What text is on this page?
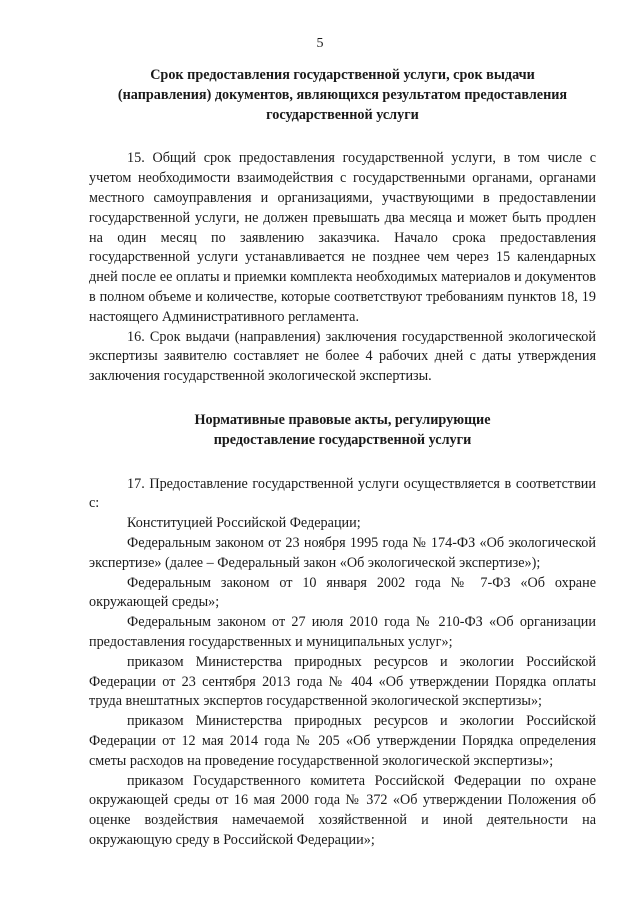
5
Срок предоставления государственной услуги, срок выдачи
(направления) документов, являющихся результатом предоставления
государственной услуги

15. Общий срок предоставления государственной услуги, в том числе с учетом необходимости взаимодействия с государственными органами, органами местного самоуправления и организациями, участвующими в предоставлении государственной услуги, не должен превышать два месяца и может быть продлен на один месяц по заявлению заказчика. Начало срока предоставления государственной услуги устанавливается не позднее чем через 15 календарных дней после ее оплаты и приемки комплекта необходимых материалов и документов в полном объеме и количестве, которые соответствуют требованиям пунктов 18, 19 настоящего Административного регламента.

16. Срок выдачи (направления) заключения государственной экологической экспертизы заявителю составляет не более 4 рабочих дней с даты утверждения заключения государственной экологической экспертизы.

Нормативные правовые акты, регулирующие
предоставление государственной услуги

17. Предоставление государственной услуги осуществляется в соответствии с:

Конституцией Российской Федерации;

Федеральным законом от 23 ноября 1995 года № 174-ФЗ «Об экологической экспертизе» (далее – Федеральный закон «Об экологической экспертизе»);

Федеральным законом от 10 января 2002 года № 7-ФЗ «Об охране окружающей среды»;

Федеральным законом от 27 июля 2010 года № 210-ФЗ «Об организации предоставления государственных и муниципальных услуг»;

приказом Министерства природных ресурсов и экологии Российской Федерации от 23 сентября 2013 года № 404 «Об утверждении Порядка оплаты труда внештатных экспертов государственной экологической экспертизы»;

приказом Министерства природных ресурсов и экологии Российской Федерации от 12 мая 2014 года № 205 «Об утверждении Порядка определения сметы расходов на проведение государственной экологической экспертизы»;

приказом Государственного комитета Российской Федерации по охране окружающей среды от 16 мая 2000 года № 372 «Об утверждении Положения об оценке воздействия намечаемой хозяйственной и иной деятельности на окружающую среду в Российской Федерации»;
